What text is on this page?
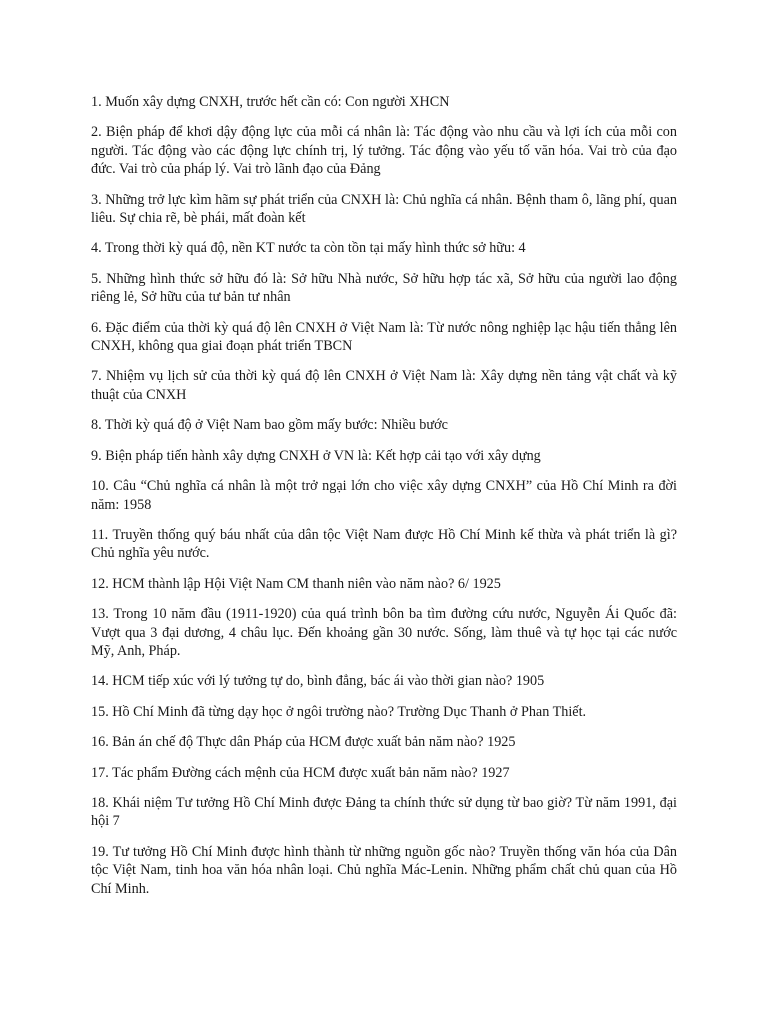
1. Muốn xây dựng CNXH, trước hết cần có: Con người XHCN

2. Biện pháp để khơi dậy động lực của mỗi cá nhân là: Tác động vào nhu cầu và lợi ích của mỗi con người. Tác động vào các động lực chính trị, lý tưởng. Tác động vào yếu tố văn hóa. Vai trò của đạo đức. Vai trò của pháp lý. Vai trò lãnh đạo của Đảng

3. Những trở lực kìm hãm sự phát triển của CNXH là: Chủ nghĩa cá nhân. Bệnh tham ô, lãng phí, quan liêu. Sự chia rẽ, bè phái, mất đoàn kết

4. Trong thời kỳ quá độ, nền KT nước ta còn tồn tại mấy hình thức sở hữu: 4

5. Những hình thức sở hữu đó là: Sở hữu Nhà nước, Sở hữu hợp tác xã, Sở hữu của người lao động riêng lẻ, Sở hữu của tư bản tư nhân

6. Đặc điểm của thời kỳ quá độ lên CNXH ở Việt Nam là: Từ nước nông nghiệp lạc hậu tiến thẳng lên CNXH, không qua giai đoạn phát triển TBCN

7. Nhiệm vụ lịch sử của thời kỳ quá độ lên CNXH ở Việt Nam là: Xây dựng nền tảng vật chất và kỹ thuật của CNXH

8. Thời kỳ quá độ ở Việt Nam bao gồm mấy bước: Nhiều bước

9. Biện pháp tiến hành xây dựng CNXH ở VN là: Kết hợp cải tạo với xây dựng

10. Câu “Chủ nghĩa cá nhân là một trở ngại lớn cho việc xây dựng CNXH” của Hồ Chí Minh ra đời năm: 1958

11. Truyền thống quý báu nhất của dân tộc Việt Nam được Hồ Chí Minh kế thừa và phát triển là gì? Chủ nghĩa yêu nước.

12. HCM thành lập Hội Việt Nam CM thanh niên vào năm nào? 6/ 1925

13. Trong 10 năm đầu (1911-1920) của quá trình bôn ba tìm đường cứu nước, Nguyễn Ái Quốc đã: Vượt qua 3 đại dương, 4 châu lục. Đến khoảng gần 30 nước. Sống, làm thuê và tự học tại các nước Mỹ, Anh, Pháp.

14. HCM tiếp xúc với lý tưởng tự do, bình đẳng, bác ái vào thời gian nào? 1905

15. Hồ Chí Minh đã từng dạy học ở ngôi trường nào? Trường Dục Thanh ở Phan Thiết.

16. Bản án chế độ Thực dân Pháp của HCM được xuất bản năm nào? 1925

17. Tác phẩm Đường cách mệnh của HCM được xuất bản năm nào? 1927

18. Khái niệm Tư tưởng Hồ Chí Minh được Đảng ta chính thức sử dụng từ bao giờ? Từ năm 1991, đại hội 7

19. Tư tưởng Hồ Chí Minh được hình thành từ những nguồn gốc nào? Truyền thống văn hóa của Dân tộc Việt Nam, tinh hoa văn hóa nhân loại. Chủ nghĩa Mác-Lenin. Những phẩm chất chủ quan của Hồ Chí Minh.
